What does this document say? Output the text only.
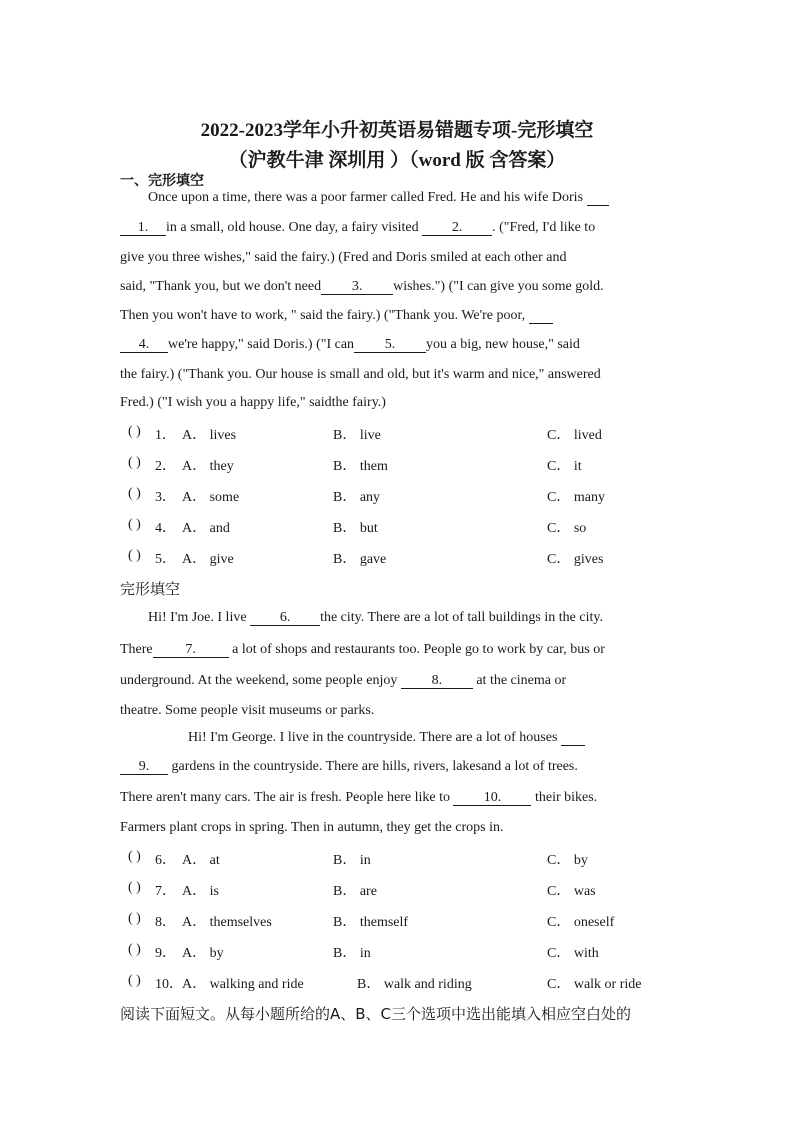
2022-2023学年小升初英语易错题专项-完形填空
（沪教牛津 深圳用 ）（word 版 含答案）
一、完形填空
Once upon a time, there was a poor farmer called Fred. He and his wife Doris
1. in a small, old house. One day, a fairy visited 2. . ("Fred, I'd like to
give you three wishes," said the fairy.) (Fred and Doris smiled at each other and
said, "Thank you, but we don't need 3. wishes.") ("I can give you some gold.
Then you won't have to work, " said the fairy.) ("Thank you. We're poor,
4. we're happy," said Doris.) ("I can 5. you a big, new house," said
the fairy.) ("Thank you. Our house is small and old, but it's warm and nice," answered
Fred.) ("I wish you a happy life," saidthe fairy.)
( ) 1． A． lives	B． live	C． lived
( ) 2． A． they	B． them	C． it
( ) 3． A． some	B． any	C． many
( ) 4． A． and	B． but	C． so
( ) 5． A． give	B． gave	C． gives
完形填空
Hi! I'm Joe. I live 6. the city. There are a lot of tall buildings in the city.
There 7.	a lot of shops and restaurants too. People go to work by car, bus or
underground. At the weekend, some people enjoy 8. at the cinema or
theatre. Some people visit museums or parks.
Hi! I'm George. I live in the countryside. There are a lot of houses
9. gardens in the countryside. There are hills, rivers, lakesand a lot of trees.
There aren't many cars. The air is fresh. People here like to 10. their bikes.
Farmers plant crops in spring. Then in autumn, they get the crops in.
( ) 6． A． at	B． in	C． by
( ) 7． A． is	B． are	C． was
( ) 8． A． themselves	B． themself	C． oneself
( ) 9． A． by	B． in	C． with
( ) 10． A． walking and ride	B． walk and riding	C． walk or ride
阅读下面短文。从每小题所给的A、B、C三个选项中选出能填入相应空白处的
